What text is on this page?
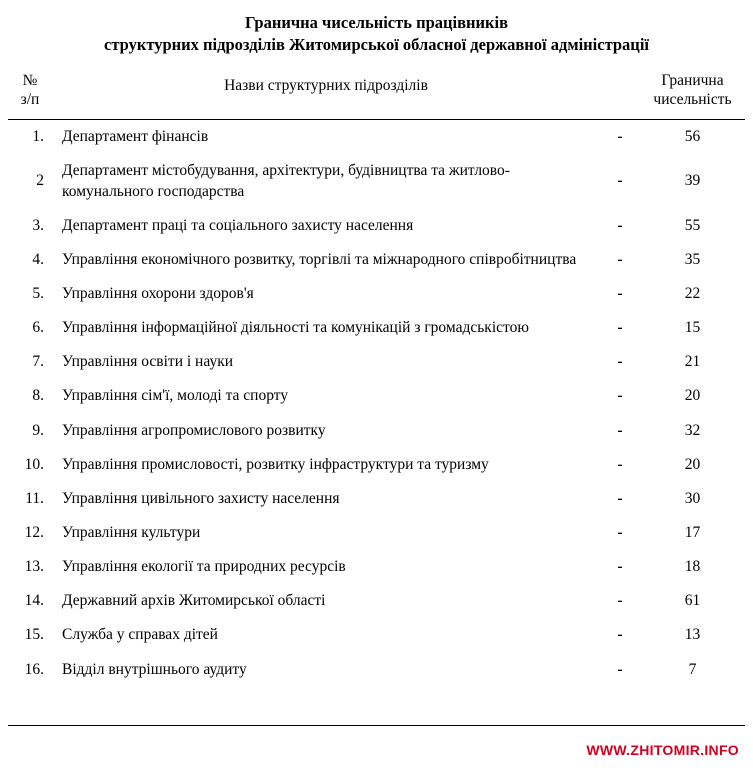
Гранична чисельність працівників
структурних підрозділів Житомирської обласної державної адміністрації
№
з/п
	Назви структурних підрозділів		Гранична
чисельність

1.	Департамент фінансів	-	56
2	Департамент містобудування, архітектури, будівництва та житлово-комунального господарства	-	39
3.	Департамент праці та соціального захисту населення	-	55
4.	Управління економічного розвитку, торгівлі та міжнародного співробітництва	-	35
5.	Управління охорони здоров'я	-	22
6.	Управління інформаційної діяльності та комунікацій з громадськістою	-	15
7.	Управління освіти і науки	-	21
8.	Управління сім'ї, молоді та спорту	-	20
9.	Управління агропромислового розвитку	-	32
10.	Управління промисловості, розвитку інфраструктури та туризму	-	20
11.	Управління цивільного захисту населення	-	30
12.	Управління культури	-	17
13.	Управління екології та природних ресурсів	-	18
14.	Державний архів Житомирської області	-	61
15.	Служба у справах дітей	-	13
16.	Відділ внутрішнього аудиту	-	7
WWW.ZHITOMIR.INFO
